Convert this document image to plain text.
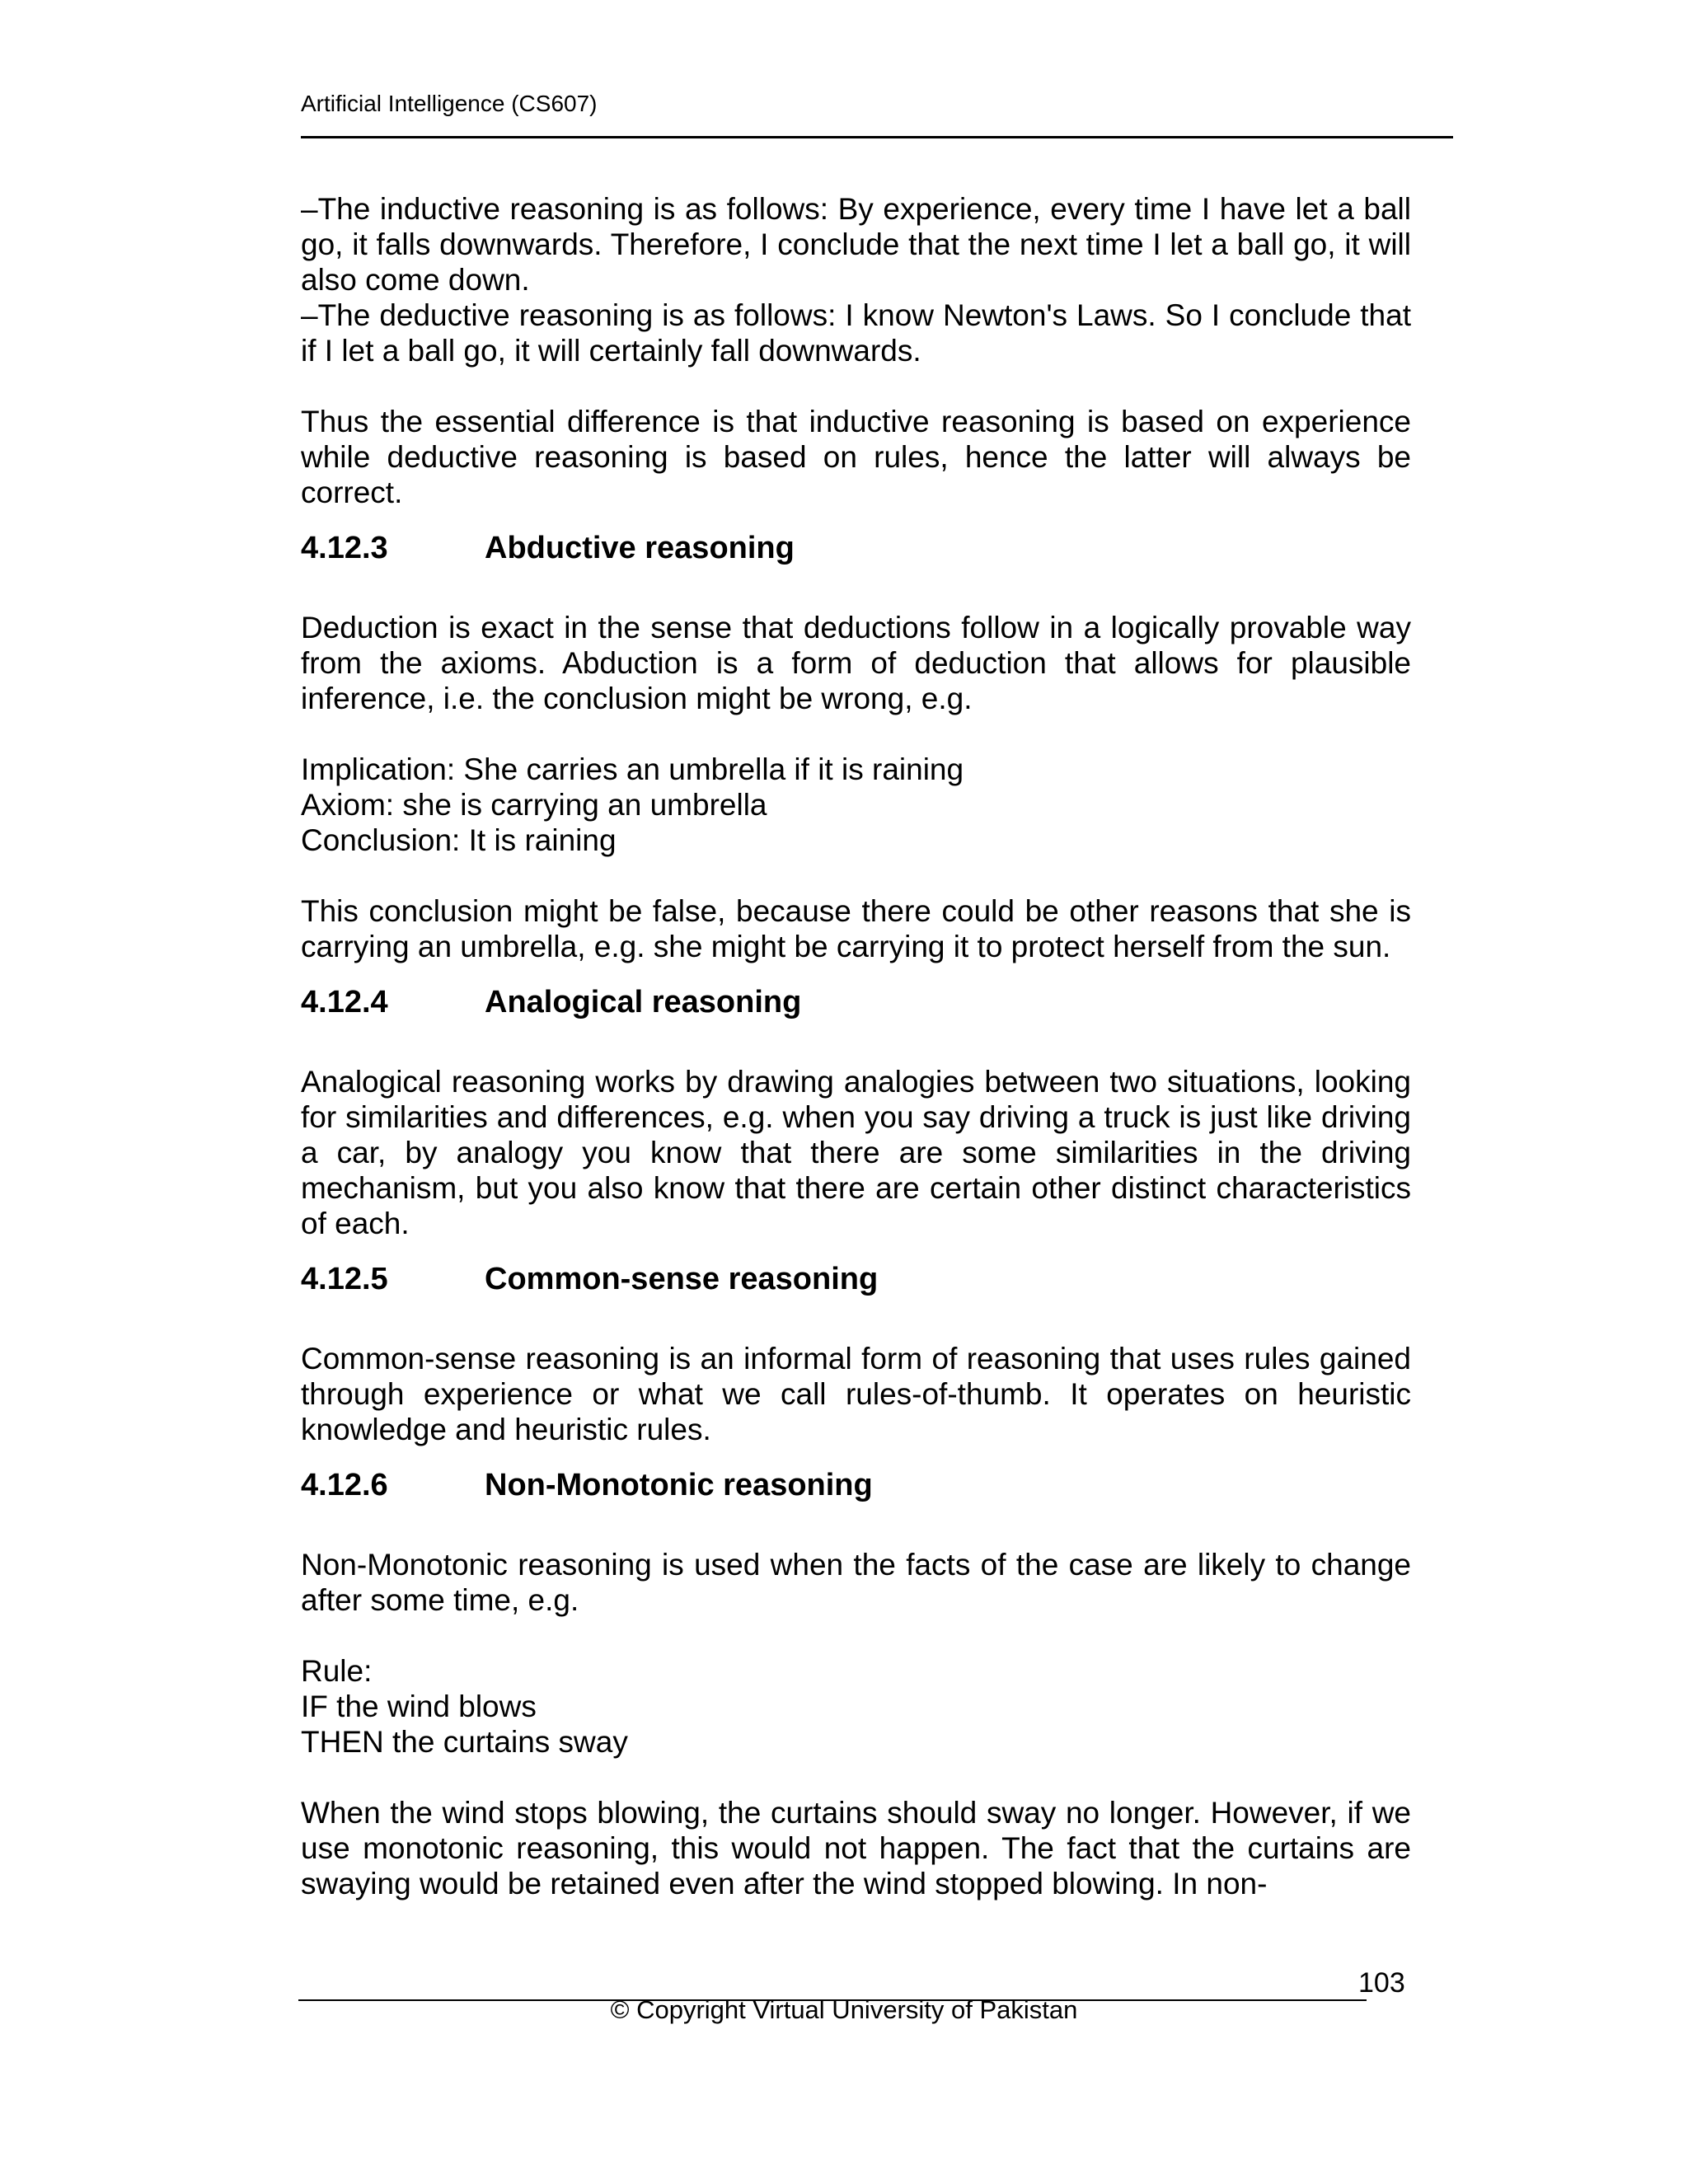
Artificial Intelligence (CS607)

–The inductive reasoning is as follows: By experience, every time I have let a ball go, it falls downwards. Therefore, I conclude that the next time I let a ball go, it will also come down.

–The deductive reasoning is as follows: I know Newton's Laws. So I conclude that if I let a ball go, it will certainly fall downwards.

Thus the essential difference is that inductive reasoning is based on experience while deductive reasoning is based on rules, hence the latter will always be correct.

4.12.3	Abductive reasoning

Deduction is exact in the sense that deductions follow in a logically provable way from the axioms. Abduction is a form of deduction that allows for plausible inference, i.e. the conclusion might be wrong, e.g.

Implication: She carries an umbrella if it is raining

Axiom: she is carrying an umbrella

Conclusion: It is raining

This conclusion might be false, because there could be other reasons that she is carrying an umbrella, e.g. she might be carrying it to protect herself from the sun.

4.12.4	Analogical reasoning

Analogical reasoning works by drawing analogies between two situations, looking for similarities and differences, e.g. when you say driving a truck is just like driving a car, by analogy you know that there are some similarities in the driving mechanism, but you also know that there are certain other distinct characteristics of each.

4.12.5	Common-sense reasoning

Common-sense reasoning is an informal form of reasoning that uses rules gained through experience or what we call rules-of-thumb. It operates on heuristic knowledge and heuristic rules.

4.12.6	Non-Monotonic reasoning

Non-Monotonic reasoning is used when the facts of the case are likely to change after some time, e.g.

Rule:

IF the wind blows

THEN the curtains sway

When the wind stops blowing, the curtains should sway no longer. However, if we use monotonic reasoning, this would not happen. The fact that the curtains are swaying would be retained even after the wind stopped blowing. In non-

103
© Copyright Virtual University of Pakistan
